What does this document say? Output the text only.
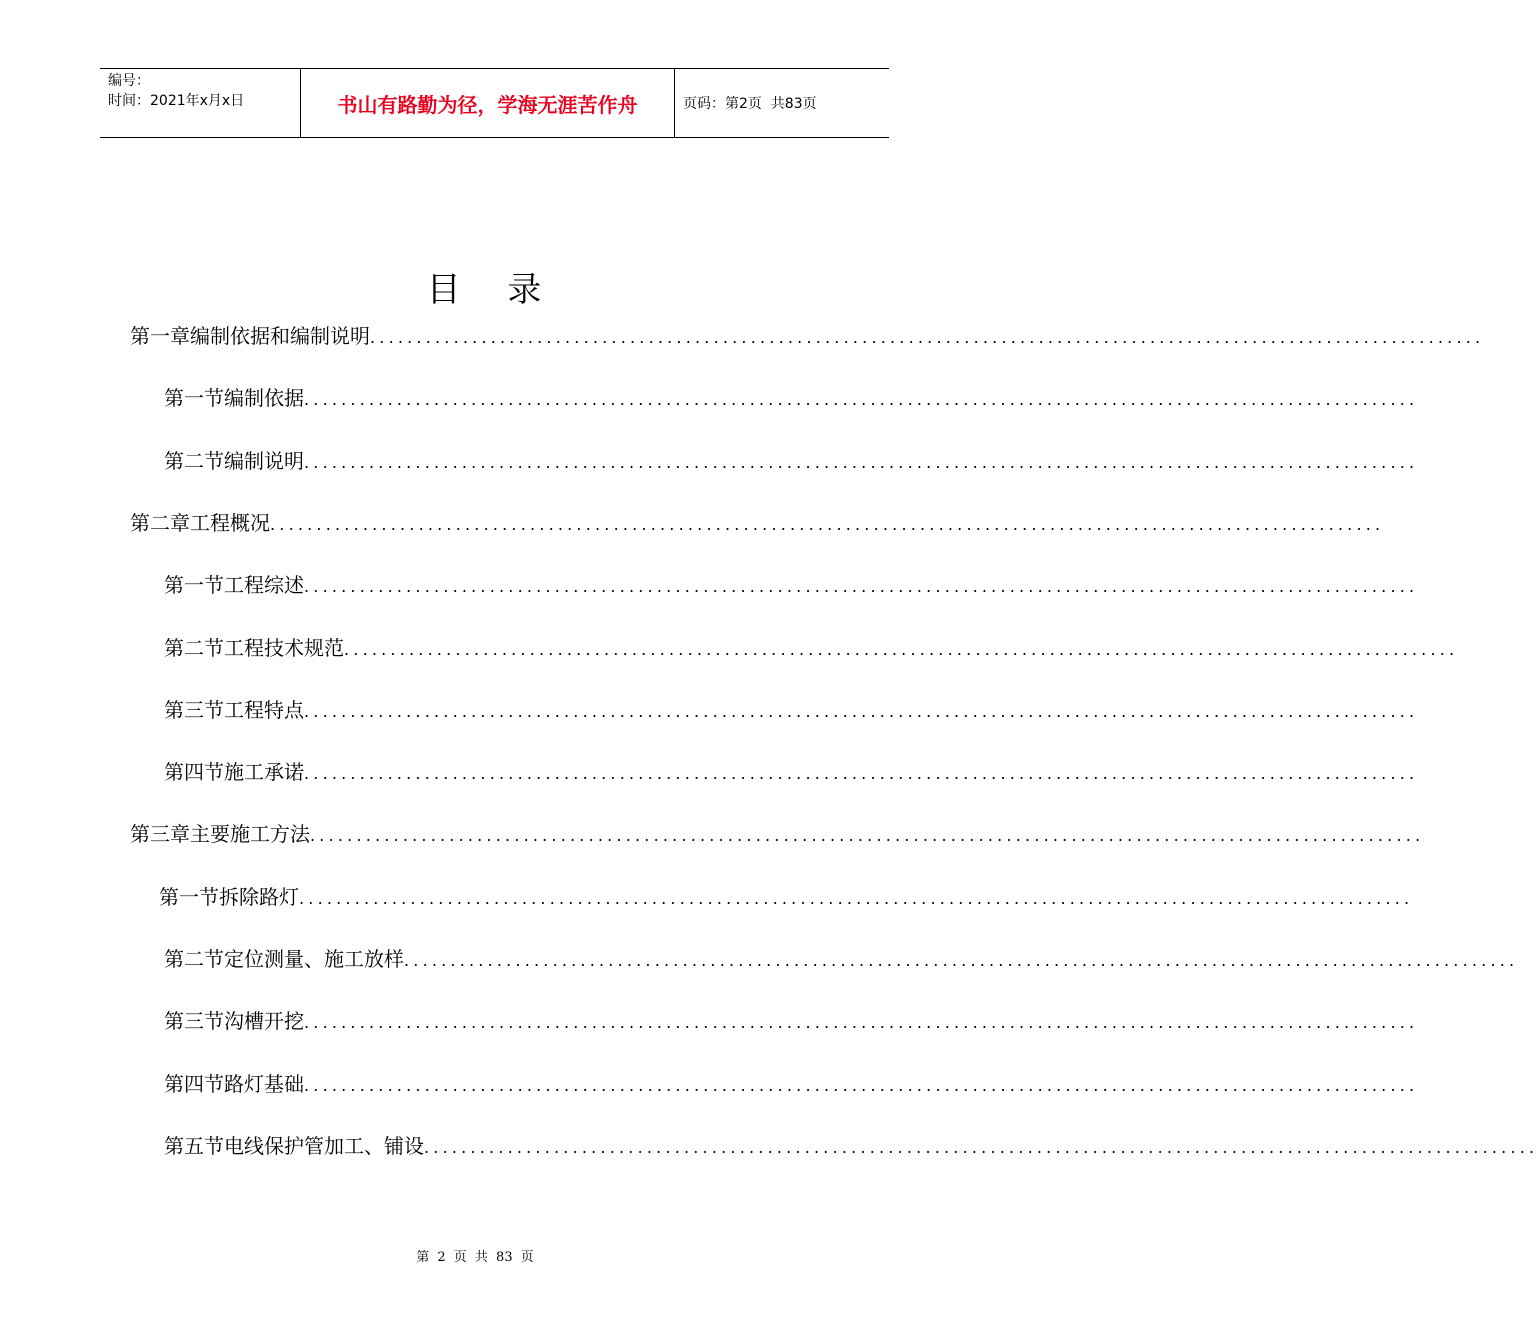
编号：
时间：2021年x月x日	书山有路勤为径，学海无涯苦作舟	页码：第2页  共83页
目 录
第一章 编制依据和编制说明 ........................................................................................................................
第一节 编制依据 ........................................................................................................................
第二节 编制说明 ........................................................................................................................
第二章 工程概况 ........................................................................................................................
第一节 工程综述 ........................................................................................................................
第二节 工程技术规范 ........................................................................................................................
第三节 工程特点 ........................................................................................................................
第四节 施工承诺 ........................................................................................................................
第三章 主要施工方法 ........................................................................................................................
第一节 拆除路灯 ........................................................................................................................
第二节 定位测量、施工放样 ........................................................................................................................
第三节 沟槽开挖 ........................................................................................................................
第四节 路灯基础 ........................................................................................................................
第五节 电线保护管加工、铺设 ........................................................................................................................
第 2 页 共 83 页
